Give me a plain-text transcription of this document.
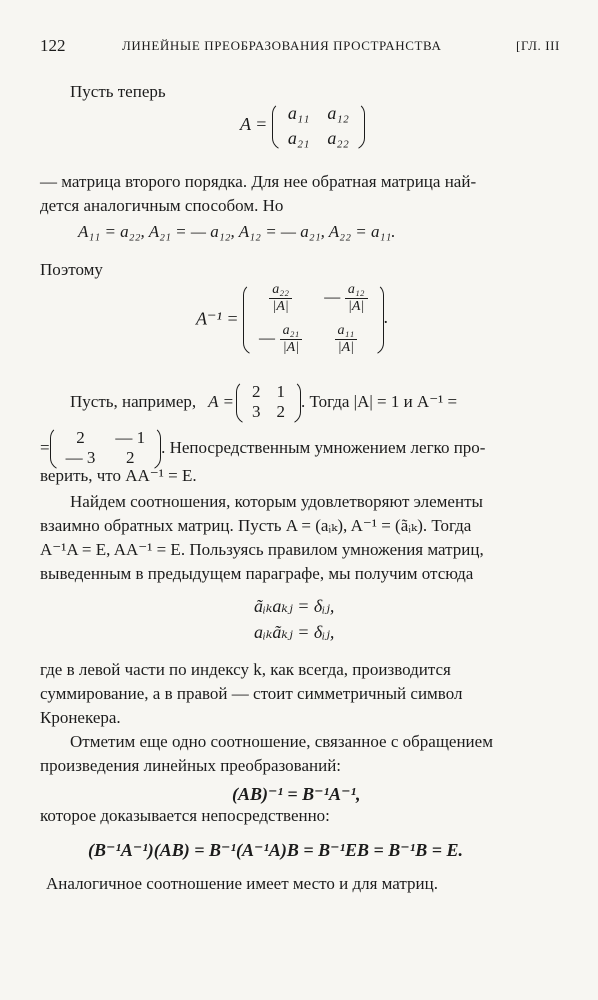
122	ЛИНЕЙНЫЕ ПРЕОБРАЗОВАНИЯ ПРОСТРАНСТВА	[ГЛ. III
Пусть теперь
A =
a₁₁ a₁₂
a₂₁ a₂₂
— матрица второго порядка. Для нее обратная матрица най-
дется аналогичным способом. Но
A₁₁ = a₂₂, A₂₁ = — a₁₂, A₁₂ = — a₂₁, A₂₂ = a₁₁.
Поэтому
A⁻¹ =
$\frac{\text{a₂₂}}{|A|}$ — $\frac{\text{a₁₂}}{|A|}$
— $\frac{\text{a₂₁}}{|A|} \frac{\text{a₁₁}}{|A|}$
.
Пусть, например, A =
2 1
3 2
. Тогда |A| = 1 и A⁻¹ =
=
2	— 1
— 3	2
. Непосредственным умножением легко про-
верить, что AA⁻¹ = E.
Найдем соотношения, которым удовлетворяют элементы
взаимно обратных матриц. Пусть A = (aᵢₖ), A⁻¹ = (ãᵢₖ). Тогда
A⁻¹A = E, AA⁻¹ = E. Пользуясь правилом умножения матриц,
выведенным в предыдущем параграфе, мы получим отсюда
ãᵢₖaₖⱼ = δᵢⱼ,
aᵢₖãₖⱼ = δᵢⱼ,
где в левой части по индексу k, как всегда, производится
суммирование, а в правой — стоит симметричный символ
Кронекера.
Отметим еще одно соотношение, связанное с обращением
произведения линейных преобразований:
(AB)⁻¹ = B⁻¹A⁻¹,
которое доказывается непосредственно:
(B⁻¹A⁻¹)(AB) = B⁻¹(A⁻¹A)B = B⁻¹EB = B⁻¹B = E.
Аналогичное соотношение имеет место и для матриц.
